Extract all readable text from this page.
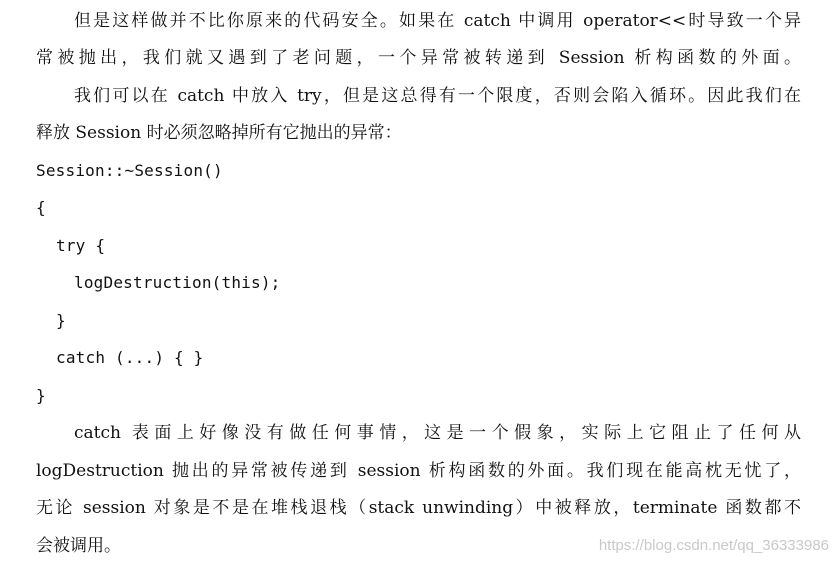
但是这样做并不比你原来的代码安全。如果在 catch 中调用 operator<<时导致一个异
常被抛出，我们就又遇到了老问题，一个异常被转递到 Session 析构函数的外面。
我们可以在 catch 中放入 try，但是这总得有一个限度，否则会陷入循环。因此我们在
释放 Session 时必须忽略掉所有它抛出的异常：
Session::~Session()
{
try {
logDestruction(this);
}
catch (...) { }
}
catch 表面上好像没有做任何事情，这是一个假象，实际上它阻止了任何从
logDestruction 抛出的异常被传递到 session 析构函数的外面。我们现在能高枕无忧了，
无论 session 对象是不是在堆栈退栈（stack unwinding）中被释放，terminate 函数都不
会被调用。	https://blog.csdn.net/qq_36333986
